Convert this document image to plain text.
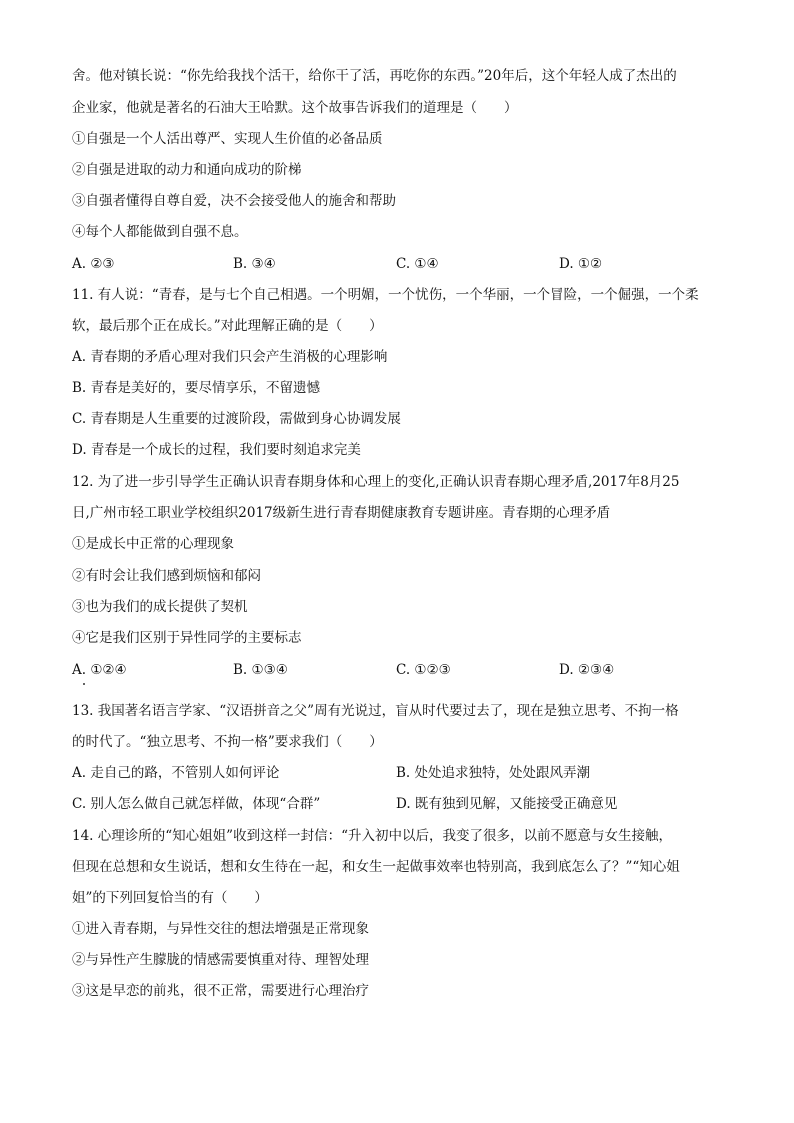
舍。他对镇长说：“你先给我找个活干，给你干了活，再吃你的东西。”20年后，这个年轻人成了杰出的
企业家，他就是著名的石油大王哈默。这个故事告诉我们的道理是（　　）
①自强是一个人活出尊严、实现人生价值的必备品质
②自强是进取的动力和通向成功的阶梯
③自强者懂得自尊自爱，决不会接受他人的施舍和帮助
④每个人都能做到自强不息。
A. ②③	B. ③④	C. ①④	D. ①②
11. 有人说：“青春，是与七个自己相遇。一个明媚，一个忧伤，一个华丽，一个冒险，一个倔强，一个柔
软，最后那个正在成长。”对此理解正确的是（　　）
A. 青春期的矛盾心理对我们只会产生消极的心理影响
B. 青春是美好的，要尽情享乐，不留遗憾
C. 青春期是人生重要的过渡阶段，需做到身心协调发展
D. 青春是一个成长的过程，我们要时刻追求完美
12. 为了进一步引导学生正确认识青春期身体和心理上的变化,正确认识青春期心理矛盾,2017年8月25
日,广州市轻工职业学校组织2017级新生进行青春期健康教育专题讲座。青春期的心理矛盾
①是成长中正常的心理现象
②有时会让我们感到烦恼和郁闷
③也为我们的成长提供了契机
④它是我们区别于异性同学的主要标志
A. ①②④	B. ①③④	C. ①②③	D. ②③④
13. 我国著名语言学家、“汉语拼音之父”周有光说过，盲从时代要过去了，现在是独立思考、不拘一格
的时代了。“独立思考、不拘一格”要求我们（　　）
A. 走自己的路，不管别人如何评论	B. 处处追求独特，处处跟风弄潮
C. 别人怎么做自己就怎样做，体现“合群”	D. 既有独到见解，又能接受正确意见
14. 心理诊所的“知心姐姐”收到这样一封信：“升入初中以后，我变了很多，以前不愿意与女生接触，
但现在总想和女生说话，想和女生待在一起，和女生一起做事效率也特别高，我到底怎么了？”“知心姐
姐”的下列回复恰当的有（　　）
①进入青春期，与异性交往的想法增强是正常现象
②与异性产生朦胧的情感需要慎重对待、理智处理
③这是早恋的前兆，很不正常，需要进行心理治疗
